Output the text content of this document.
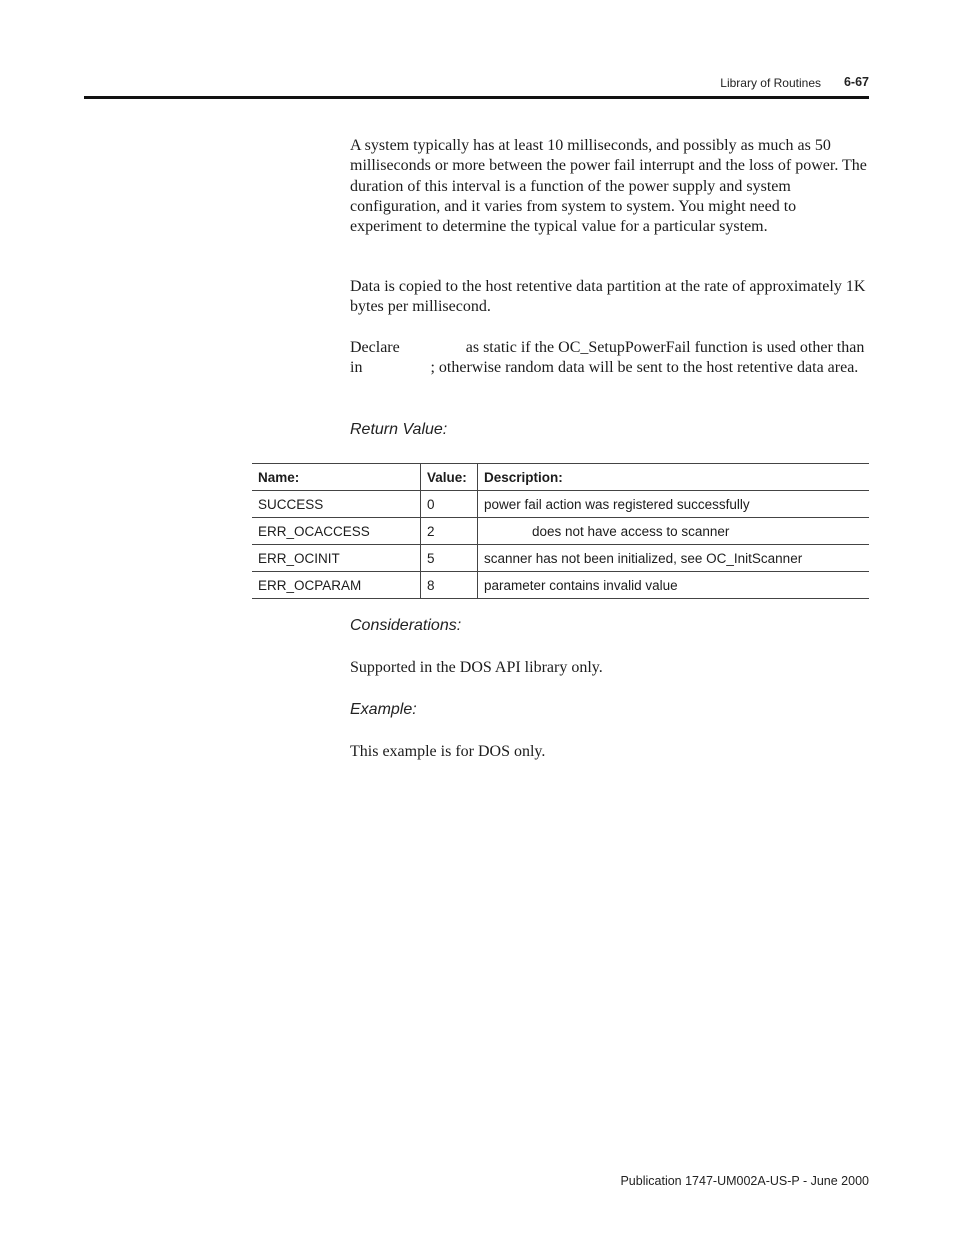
Library of Routines 6-67

A system typically has at least 10 milliseconds, and possibly as much as 50 milliseconds or more between the power fail interrupt and the loss of power. The duration of this interval is a function of the power supply and system configuration, and it varies from system to system. You might need to experiment to determine the typical value for a particular system.

Data is copied to the host retentive data partition at the rate of approximately 1K bytes per millisecond.

Declare	as static if the OC_SetupPowerFail function is used other than in	; otherwise random data will be sent to the host retentive data area.

Return Value:

Name:	Value:	Description:
SUCCESS	0	power fail action was registered successfully
ERR_OCACCESS	2	does not have access to scanner
ERR_OCINIT	5	scanner has not been initialized, see OC_InitScanner
ERR_OCPARAM	8	parameter contains invalid value

Considerations:

Supported in the DOS API library only.

Example:

This example is for DOS only.

Publication 1747-UM002A-US-P - June 2000
